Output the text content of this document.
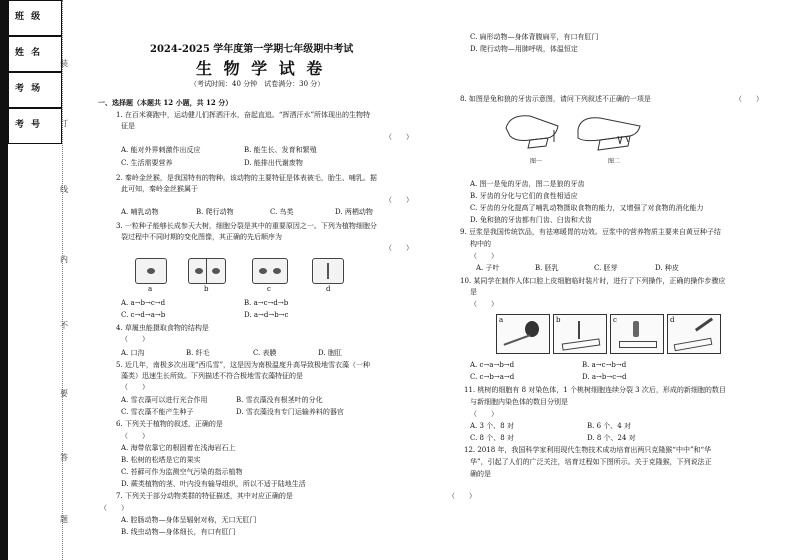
班 级
姓 名
考 场
考 号
装
订
线
内
不
要
答
题
2024-2025 学年度第一学期七年级期中考试
生 物 学 试 卷
（考试时间：40 分钟　试卷满分：30 分）
一、选择题（本题共 12 小题，共 12 分）
1. 在百米赛跑中，运动健儿们挥洒汗水，奋起直追。“挥洒汗水”所体现出的生物特
征是
（　　）
A. 能对外界刺激作出反应	B. 能生长、发育和繁殖
C. 生活需要营养	D. 能排出代谢废物
2. 秦岭金丝猴，是我国特有的物种。该动物的主要特征是体表被毛，胎生、哺乳。据
此可知，秦岭金丝猴属于
（　　）
A. 哺乳动物	B. 爬行动物	C. 鸟类	D. 两栖动物
3. 一粒种子能够长成参天大树，细胞分裂是其中的重要原因之一。下列为植物细胞分
裂过程中不同时期的变化图像，其正确的先后顺序为
（　　）
a	b	c	d
A. a→b→c→d	B. a→c→d→b
C. c→d→a→b	D. a→d→b→c
4. 草履虫能摄取食物的结构是
（　　）
A. 口沟	B. 纤毛	C. 表膜	D. 胞肛
5. 近几年，南极多次出现“西瓜雪”，这是因为南极温度升高导致极地雪衣藻（一种
藻类）迅速生长所致。下列描述不符合极地雪衣藻特征的是
（　　）
A. 雪衣藻可以进行光合作用	B. 雪衣藻没有根茎叶的分化
C. 雪衣藻不能产生种子	D. 雪衣藻没有专门运输养料的器官
6. 下列关于植物的叙述，正确的是
（　　）
A. 海带依靠它的根固着在浅海岩石上
B. 松树的松塔是它的果实
C. 苔藓可作为监测空气污染的指示植物
D. 蕨类植物的茎、叶内没有输导组织，所以不适于陆地生活
7. 下列关于部分动物类群的特征描述，其中对应正确的是
（　　）
A. 腔肠动物—身体呈辐射对称，无口无肛门
B. 线虫动物—身体细长，有口有肛门
C. 扁形动物—身体背腹扁平，有口有肛门
D. 爬行动物—用肺呼吸，体温恒定
8. 如图是兔和狼的牙齿示意图，请问下列叙述不正确的一项是	（　　）
图一	图二
A. 图一是兔的牙齿，图二是狼的牙齿
B. 牙齿的分化与它们的食性相适应
C. 牙齿的分化提高了哺乳动物摄取食物的能力，又增强了对食物的消化能力
D. 兔和狼的牙齿都有门齿、臼齿和犬齿
9. 豆浆是我国传统饮品，有祛寒暖胃的功效。豆浆中的营养物质主要来自黄豆种子结
构中的
（　　）
A. 子叶	B. 胚乳	C. 胚芽	D. 种皮
10. 某同学在制作人体口腔上皮细胞临时装片时，进行了下列操作，正确的操作步骤应
是
（　　）
a	b	c	d
A. c→a→b→d	B. a→c→b→d
C. c→b→a→d	D. a→b→c→d
11. 桃树的细胞有 8 对染色体，1 个桃树细胞连续分裂 3 次后，形成的新细胞的数目
与新细胞内染色体的数目分别是
（　　）
A. 3 个、8 对	B. 6 个、4 对
C. 8 个、8 对	D. 8 个、24 对
12. 2018 年，我国科学家利用现代生物技术成功培育出两只克隆猴“中中”和“华
华”，引起了人们的广泛关注，培育过程如下图所示。关于克隆猴，下列说法正
确的是
（　　）
